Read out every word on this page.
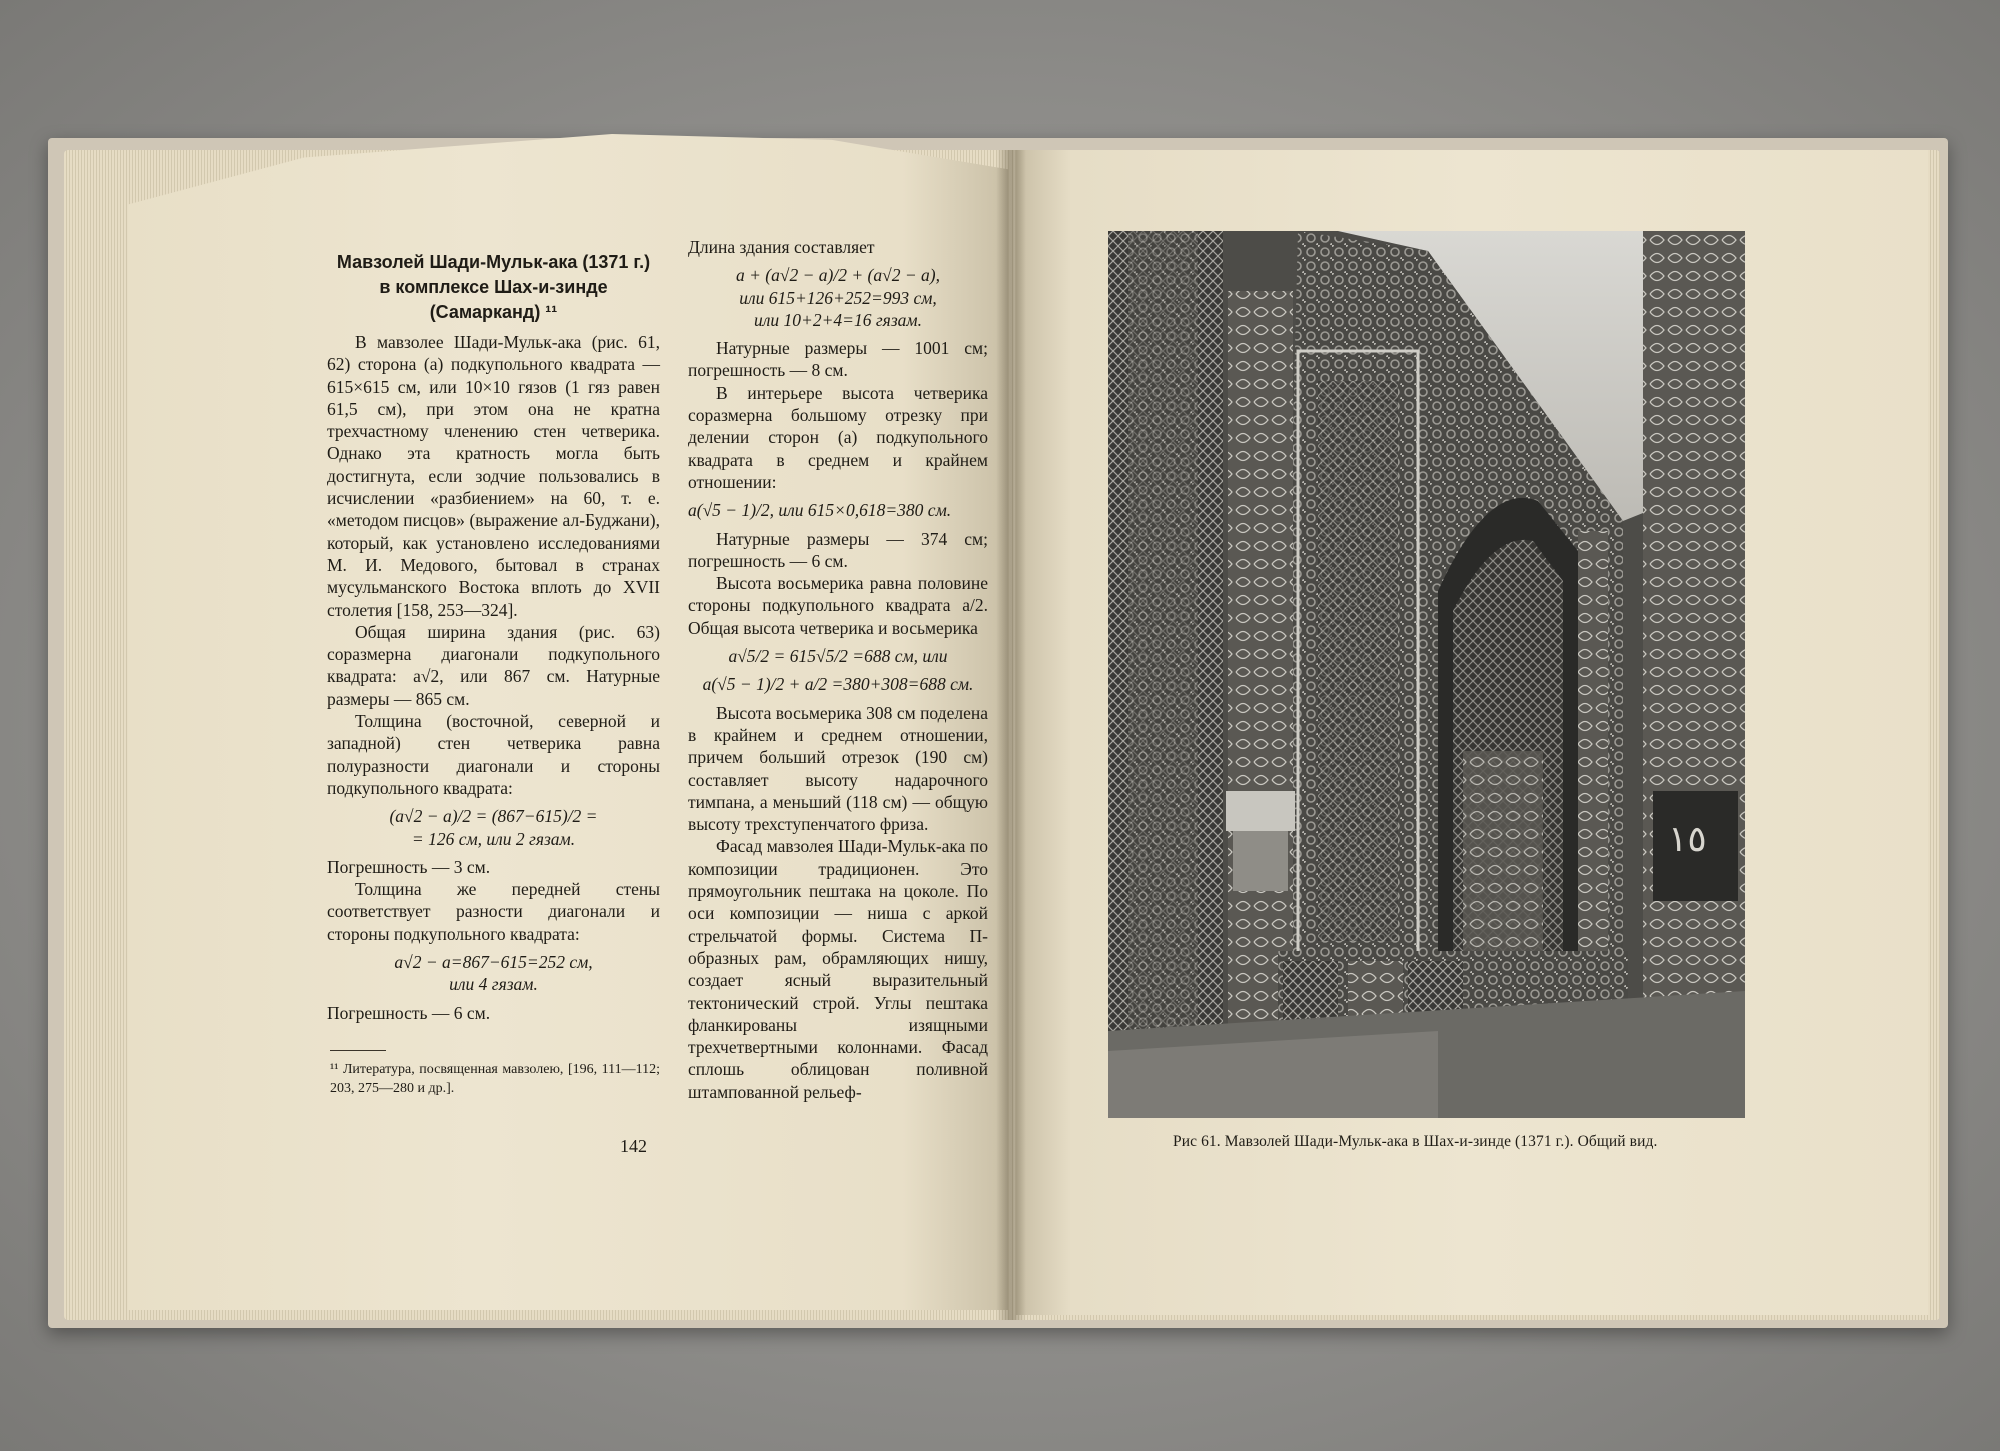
Мавзолей Шади-Мульк-ака (1371 г.)
в комплексе Шах-и-зинде
(Самарканд) ¹¹

В мавзолее Шади-Мульк-ака (рис. 61, 62) сторона (a) подкупольного квадрата — 615×615 см, или 10×10 гязов (1 гяз равен 61,5 см), при этом она не кратна трехчастному членению стен четверика. Однако эта кратность могла быть достигнута, если зодчие пользовались в исчислении «разбиением» на 60, т. е. «методом писцов» (выражение ал-Буджани), который, как установлено исследованиями М. И. Медового, бытовал в странах мусульманского Востока вплоть до XVII столетия [158, 253—324].

Общая ширина здания (рис. 63) соразмерна диагонали подкупольного квадрата: a√2, или 867 см. Натурные размеры — 865 см.

Толщина (восточной, северной и западной) стен четверика равна полуразности диагонали и стороны подкупольного квадрата:

(a√2 − a)/2 = (867−615)/2 =
= 126 см, или 2 гязам.

Погрешность — 3 см.

Толщина же передней стены соответствует разности диагонали и стороны подкупольного квадрата:

a√2 − a=867−615=252 см,
или 4 гязам.

Погрешность — 6 см.

¹¹ Литература, посвященная мавзолею, [196, 111—112; 203, 275—280 и др.].
142

Длина здания составляет

a + (a√2 − a)/2 + (a√2 − a),
или 615+126+252=993 см,
или 10+2+4=16 гязам.

Натурные размеры — 1001 см; погрешность — 8 см.

В интерьере высота четверика соразмерна большому отрезку при делении сторон (a) подкупольного квадрата в среднем и крайнем отношении:

a(√5 − 1)/2, или 615×0,618=380 см.

Натурные размеры — 374 см; погрешность — 6 см.

Высота восьмерика равна половине стороны подкупольного квадрата a/2. Общая высота четверика и восьмерика

a√5/2 = 615√5/2 =688 см, или
a(√5 − 1)/2 + a/2 =380+308=688 см.

Высота восьмерика 308 см поделена в крайнем и среднем отношении, причем больший отрезок (190 см) составляет высоту надарочного тимпана, а меньший (118 см) — общую высоту трехступенчатого фриза.

Фасад мавзолея Шади-Мульк-ака по композиции традиционен. Это прямоугольник пештака на цоколе. По оси композиции — ниша с аркой стрельчатой формы. Система П-образных рам, обрамляющих нишу, создает ясный выразительный тектонический строй. Углы пештака фланкированы изящными трехчетвертными колоннами. Фасад сплошь облицован поливной штампованной рельеф-

١٥
Рис 61. Мавзолей Шади-Мульк-ака в Шах-и-зинде (1371 г.). Общий вид.
